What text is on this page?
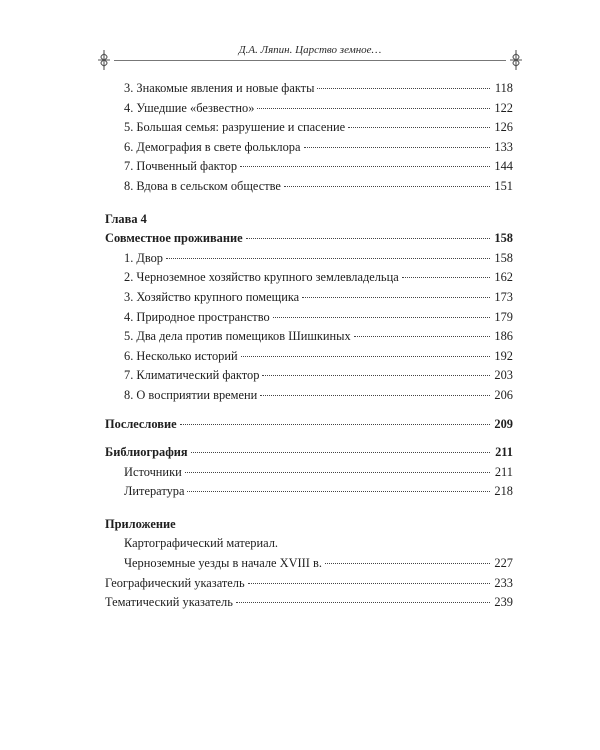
Д.А. Ляпин. Царство земное…
3. Знакомые явления и новые факты	118
4. Ушедшие «безвестно»	122
5. Большая семья: разрушение и спасение	126
6. Демография в свете фольклора	133
7. Почвенный фактор	144
8. Вдова в сельском обществе	151
Глава 4
Совместное проживание	158
1. Двор	158
2. Черноземное хозяйство крупного землевладельца	162
3. Хозяйство крупного помещика	173
4. Природное пространство	179
5. Два дела против помещиков Шишкиных	186
6. Несколько историй	192
7. Климатический фактор	203
8. О восприятии времени	206
Послесловие	209
Библиография	211
Источники	211
Литература	218
Приложение
Картографический материал.
Черноземные уезды в начале XVIII в.	227
Географический указатель	233
Тематический указатель	239
